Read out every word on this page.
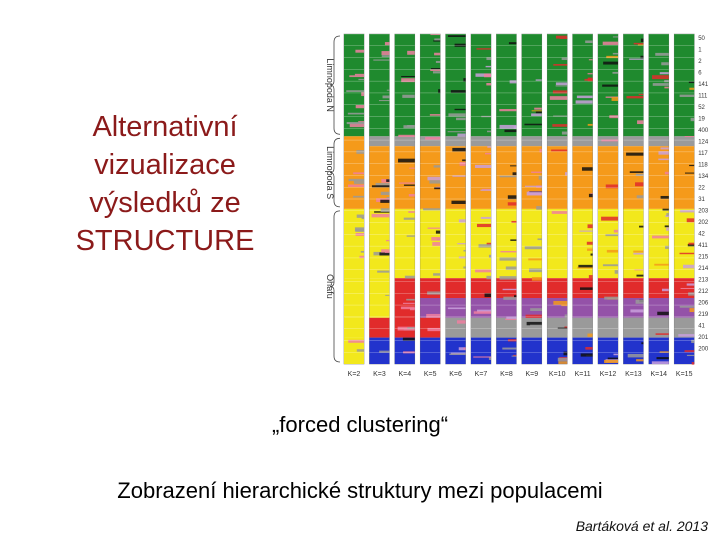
Alternativní
vizualizace
výsledků ze
STRUCTURE
Limnopoda N
Limnopoda S
Ohafu
K=2 K=3 K=4 K=5 K=6 K=7 K=8 K=9 K=10 K=11 K=12 K=13 K=14 K=15
50
1
2
6
141
111
52
19
400
124
117
118
134
22
31
203
202
42
411
215
214
213
212
206
219
41
201
200
„forced clustering“
Zobrazení hierarchické struktury mezi populacemi
Bartáková et al. 2013
